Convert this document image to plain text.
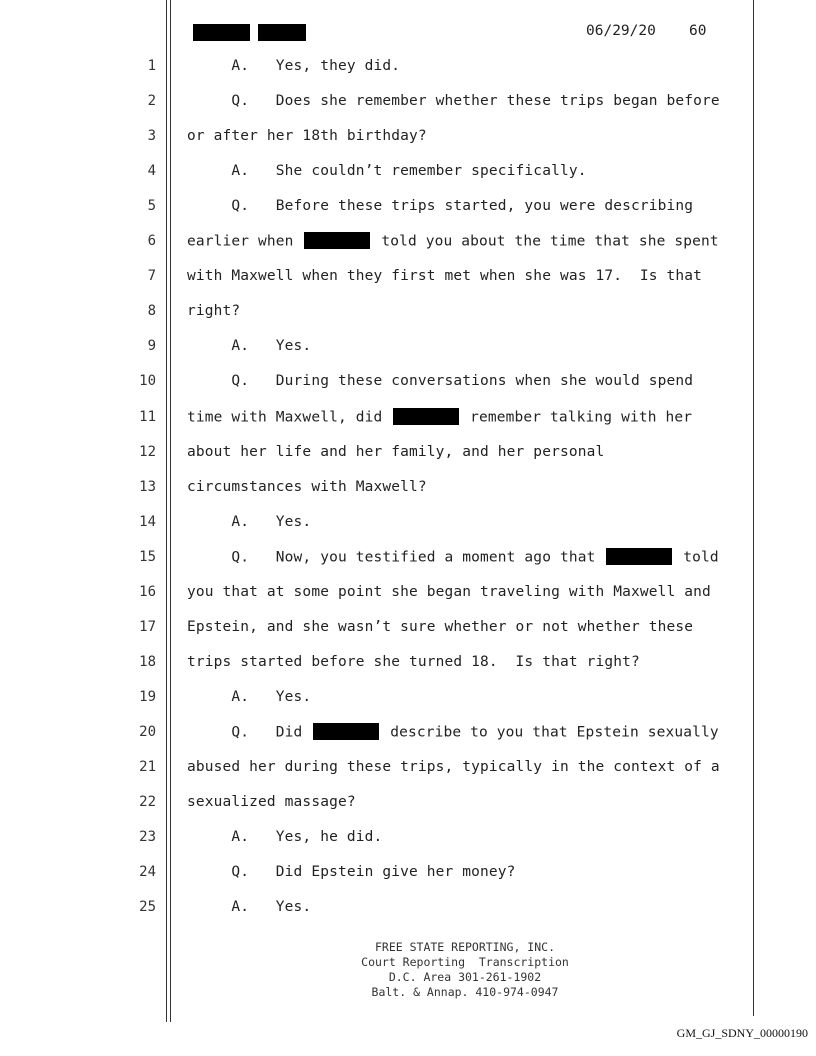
06/29/20 60
1 A.   Yes, they did.
2 Q.   Does she remember whether these trips began before
3 or after her 18th birthday?
4 A.   She couldn’t remember specifically.
5 Q.   Before these trips started, you were describing
6 earlier when	told you about the time that she spent
7 with Maxwell when they first met when she was 17.  Is that
8 right?
9 A.   Yes.
10 Q.   During these conversations when she would spend
11 time with Maxwell, did	remember talking with her
12 about her life and her family, and her personal
13 circumstances with Maxwell?
14 A.   Yes.
15 Q.   Now, you testified a moment ago that	told
16 you that at some point she began traveling with Maxwell and
17 Epstein, and she wasn’t sure whether or not whether these
18 trips started before she turned 18.  Is that right?
19 A.   Yes.
20 Q.   Did	describe to you that Epstein sexually
21 abused her during these trips, typically in the context of a
22 sexualized massage?
23 A.   Yes, he did.
24 Q.   Did Epstein give her money?
25 A.   Yes.
FREE STATE REPORTING, INC.
Court Reporting  Transcription
D.C. Area 301-261-1902
Balt. & Annap. 410-974-0947
GM_GJ_SDNY_00000190
